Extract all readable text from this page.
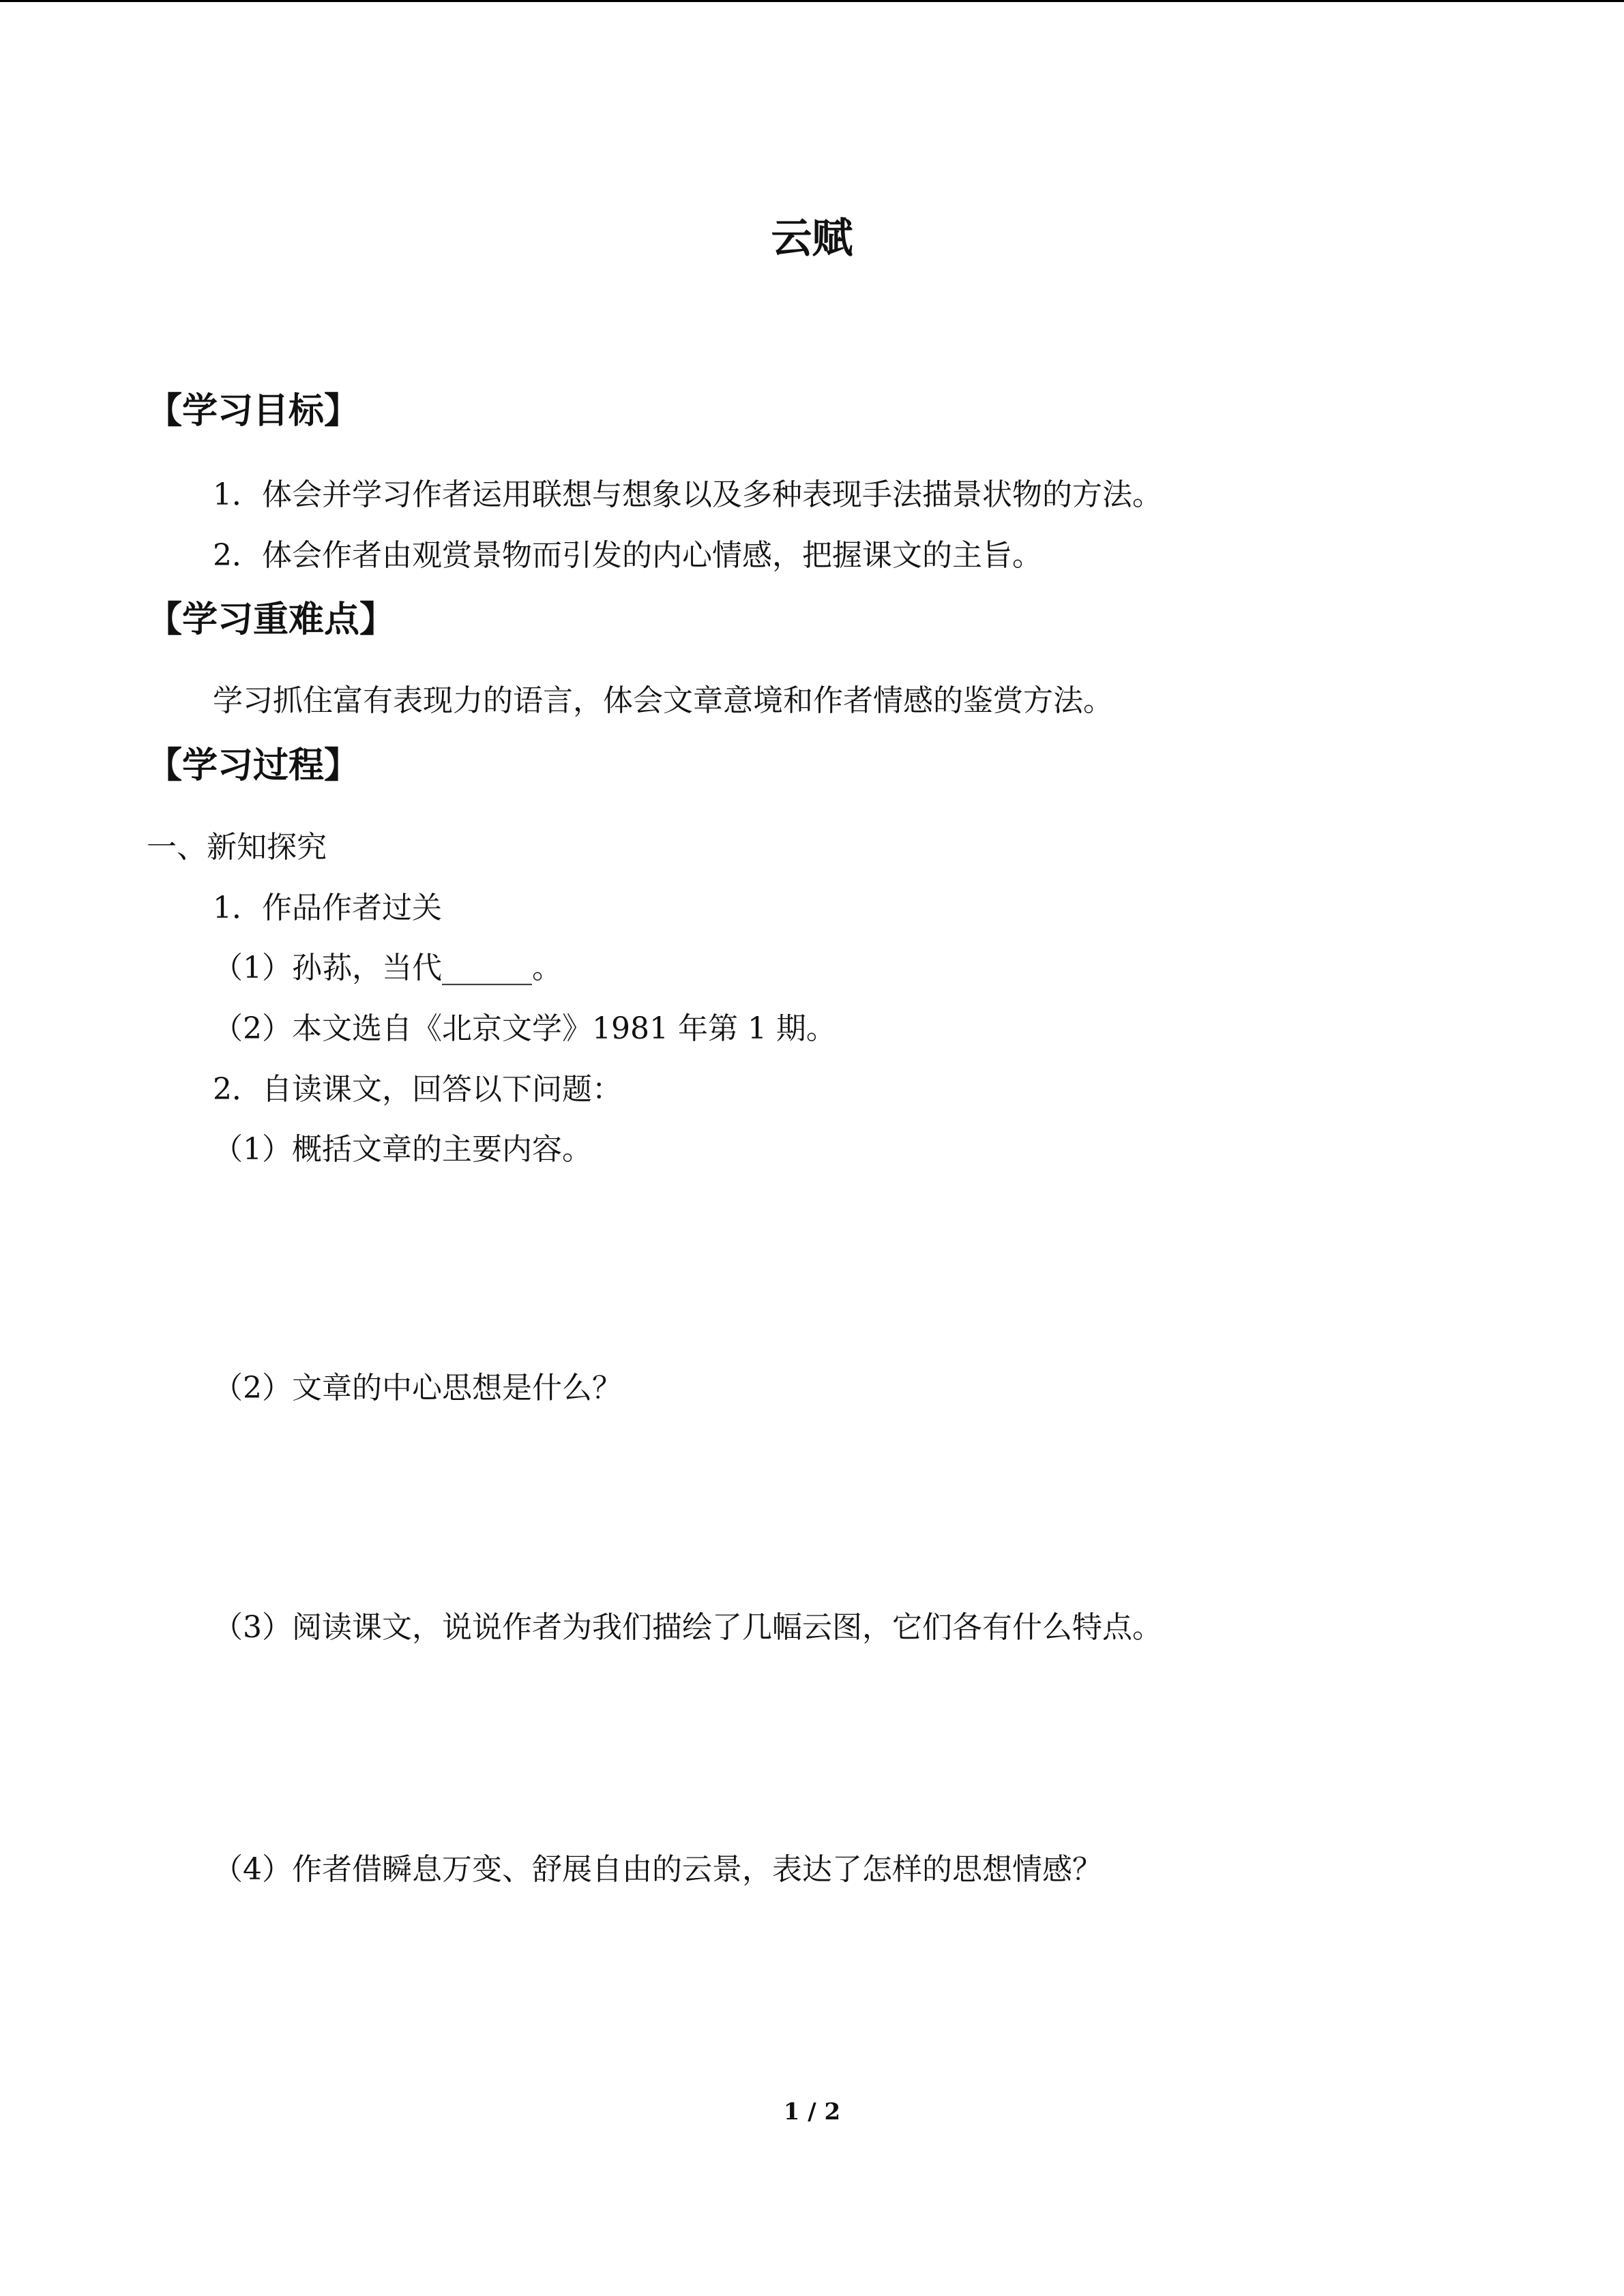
云赋
【学习目标】
1．体会并学习作者运用联想与想象以及多种表现手法描景状物的方法。
2．体会作者由观赏景物而引发的内心情感，把握课文的主旨。
【学习重难点】
学习抓住富有表现力的语言，体会文章意境和作者情感的鉴赏方法。
【学习过程】
一、新知探究
1．作品作者过关
（1）孙荪，当代______。
（2）本文选自《北京文学》1981 年第 1 期。
2．自读课文，回答以下问题：
（1）概括文章的主要内容。
（2）文章的中心思想是什么？
（3）阅读课文，说说作者为我们描绘了几幅云图，它们各有什么特点。
（4）作者借瞬息万变、舒展自由的云景，表达了怎样的思想情感？
1 / 2
